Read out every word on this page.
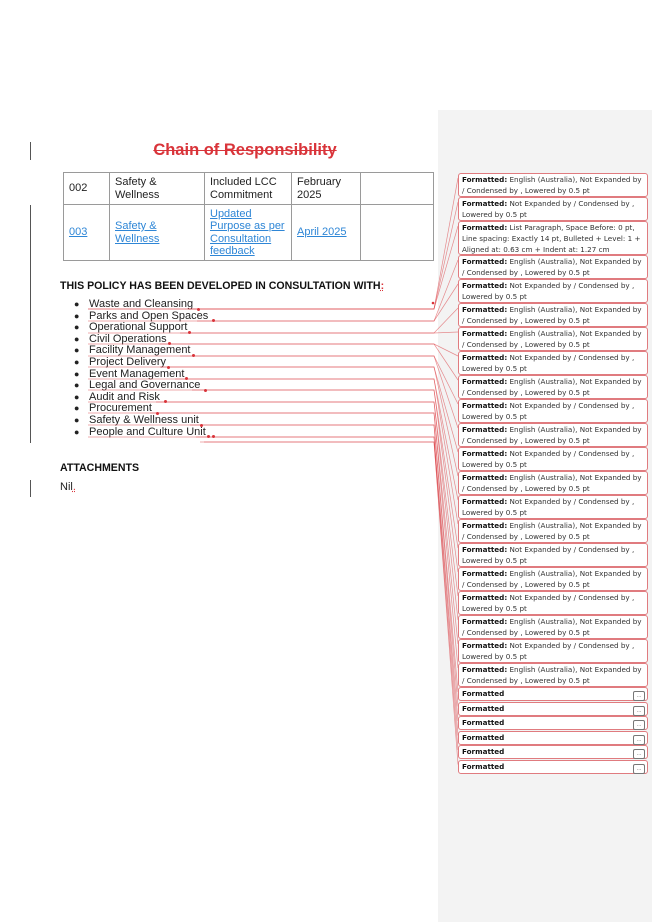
Chain of Responsibility
002	Safety & Wellness	Included LCC Commitment	February 2025	
003	Safety & Wellness	Updated Purpose as per Consultation feedback	April 2025	
THIS POLICY HAS BEEN DEVELOPED IN CONSULTATION WITH:
● Waste and Cleansing
● Parks and Open Spaces
● Operational Support
● Civil Operations
● Facility Management
● Project Delivery
● Event Management
● Legal and Governance
● Audit and Risk
● Procurement
● Safety & Wellness unit
● People and Culture Unit
ATTACHMENTS
Nil.
Formatted: English (Australia), Not Expanded by / Condensed by , Lowered by 0.5 pt
Formatted: Not Expanded by / Condensed by , Lowered by 0.5 pt
Formatted: List Paragraph, Space Before: 0 pt, Line spacing: Exactly 14 pt, Bulleted + Level: 1 + Aligned at: 0.63 cm + Indent at: 1.27 cm
Formatted: English (Australia), Not Expanded by / Condensed by , Lowered by 0.5 pt
Formatted: Not Expanded by / Condensed by , Lowered by 0.5 pt
Formatted: English (Australia), Not Expanded by / Condensed by , Lowered by 0.5 pt
Formatted: English (Australia), Not Expanded by / Condensed by , Lowered by 0.5 pt
Formatted: Not Expanded by / Condensed by , Lowered by 0.5 pt
Formatted: English (Australia), Not Expanded by / Condensed by , Lowered by 0.5 pt
Formatted: Not Expanded by / Condensed by , Lowered by 0.5 pt
Formatted: English (Australia), Not Expanded by / Condensed by , Lowered by 0.5 pt
Formatted: Not Expanded by / Condensed by , Lowered by 0.5 pt
Formatted: English (Australia), Not Expanded by / Condensed by , Lowered by 0.5 pt
Formatted: Not Expanded by / Condensed by , Lowered by 0.5 pt
Formatted: English (Australia), Not Expanded by / Condensed by , Lowered by 0.5 pt
Formatted: Not Expanded by / Condensed by , Lowered by 0.5 pt
Formatted: English (Australia), Not Expanded by / Condensed by , Lowered by 0.5 pt
Formatted: Not Expanded by / Condensed by , Lowered by 0.5 pt
Formatted: English (Australia), Not Expanded by / Condensed by , Lowered by 0.5 pt
Formatted: Not Expanded by / Condensed by , Lowered by 0.5 pt
Formatted: English (Australia), Not Expanded by / Condensed by , Lowered by 0.5 pt
Formatted	...
Formatted	...
Formatted	...
Formatted	...
Formatted	...
Formatted	...
